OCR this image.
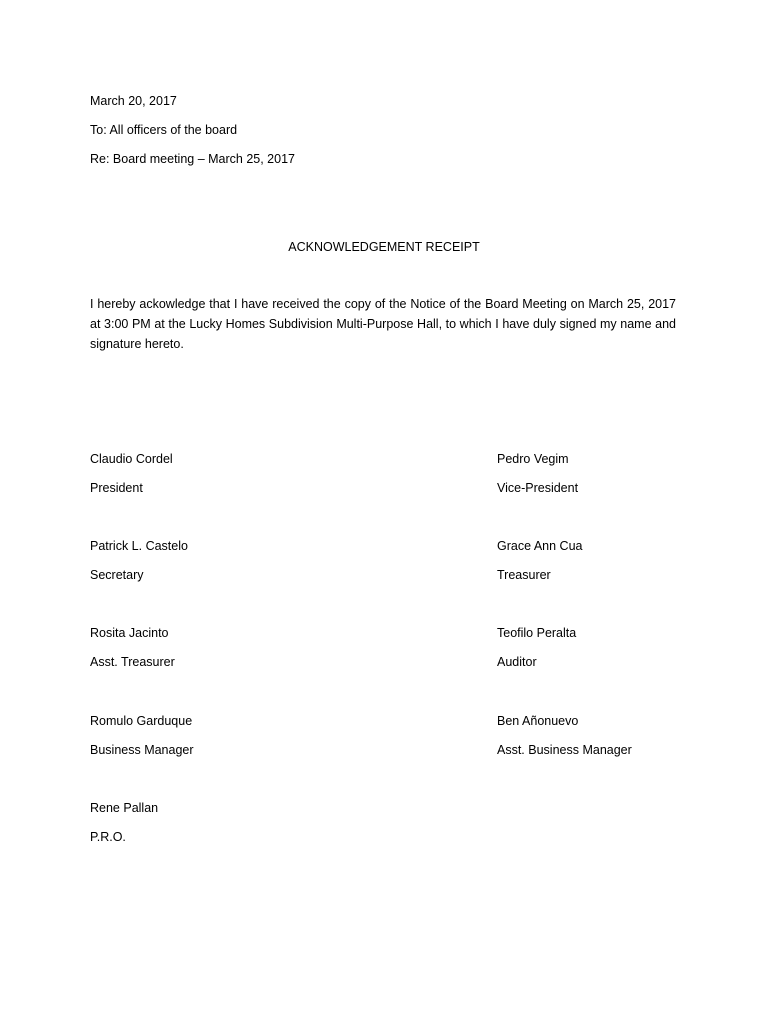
March 20, 2017
To: All officers of the board
Re: Board meeting – March 25, 2017
ACKNOWLEDGEMENT RECEIPT
I hereby ackowledge that I have received the copy of the Notice of the Board Meeting on March 25, 2017 at 3:00 PM at the Lucky Homes Subdivision Multi-Purpose Hall, to which I have duly signed my name and signature hereto.
Claudio Cordel
President
Pedro Vegim
Vice-President
Patrick L. Castelo
Secretary
Grace Ann Cua
Treasurer
Rosita Jacinto
Asst. Treasurer
Teofilo Peralta
Auditor
Romulo Garduque
Business Manager
Ben Añonuevo
Asst. Business Manager
Rene Pallan
P.R.O.
